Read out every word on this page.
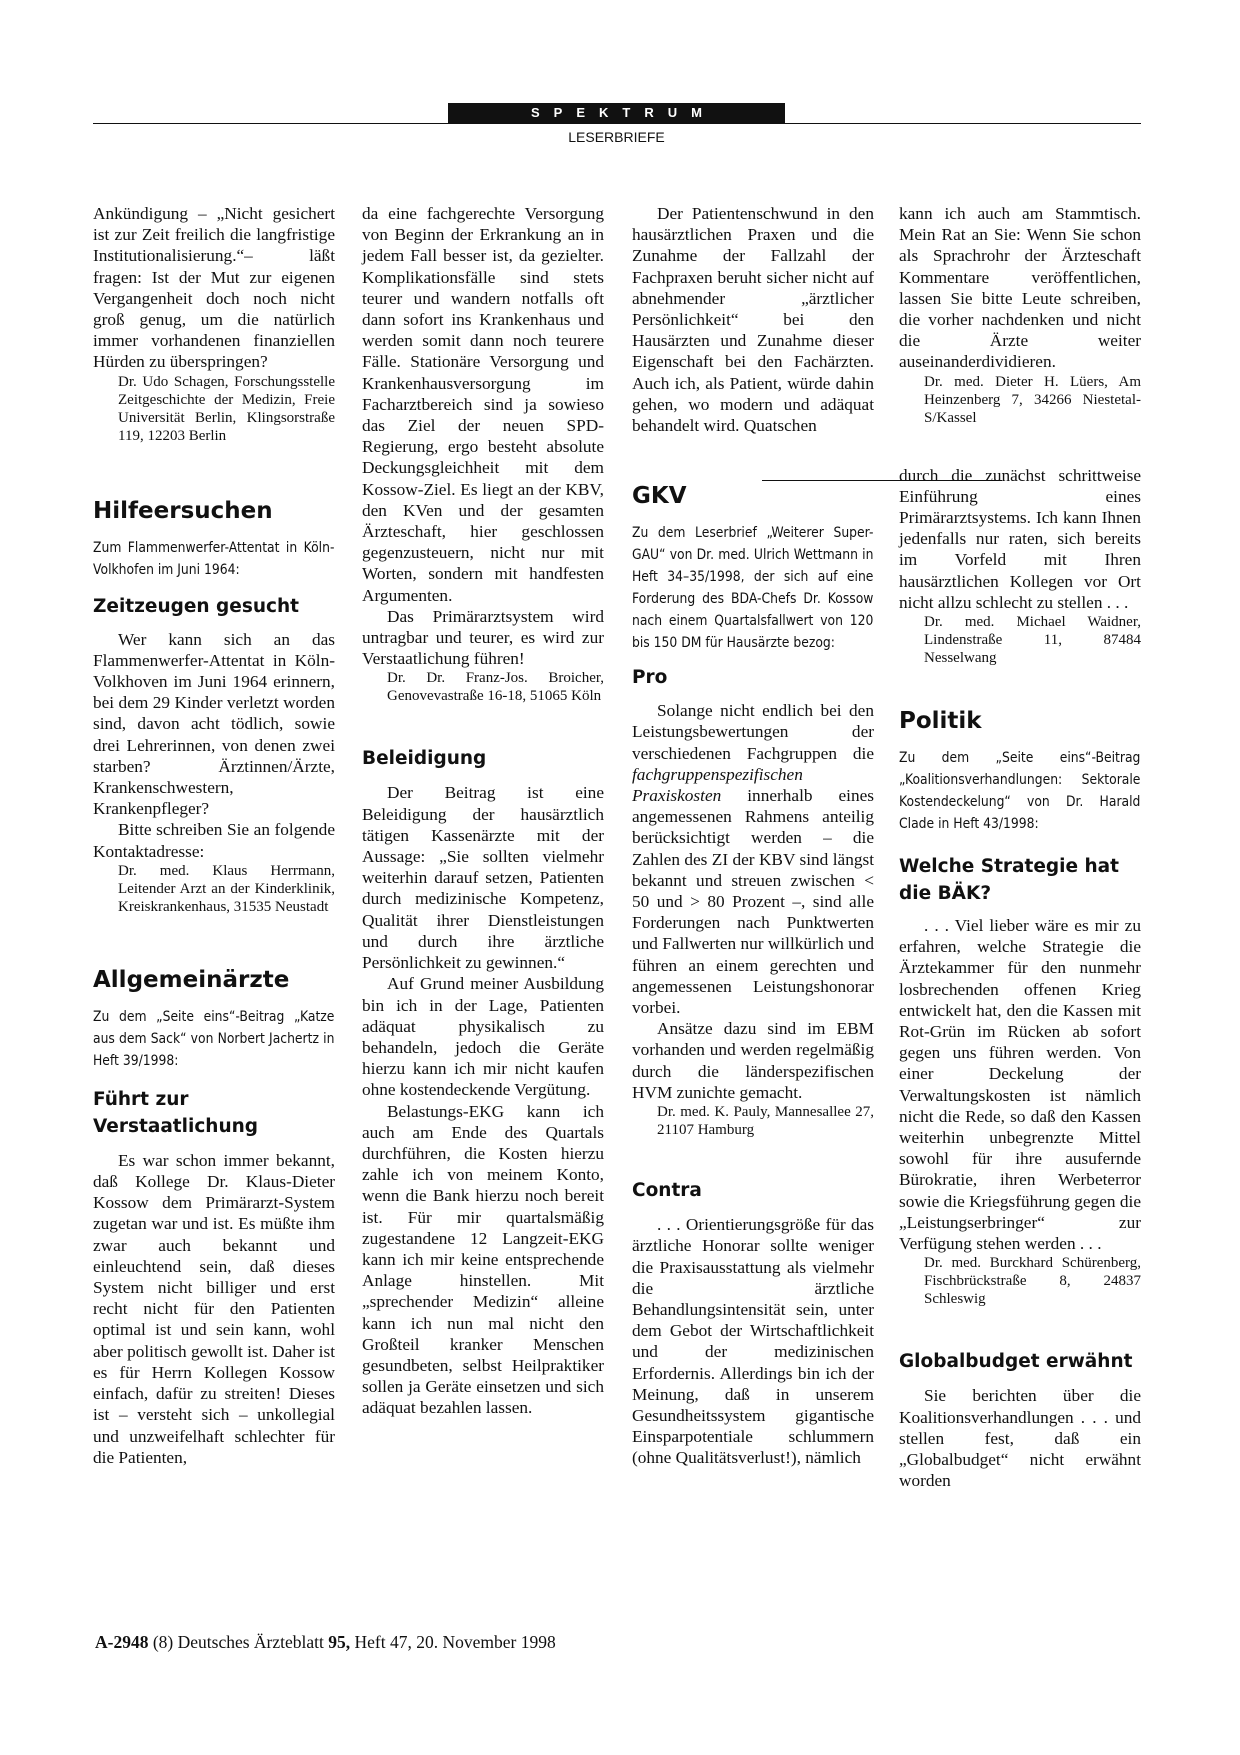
SPEKTRUM
LESERBRIEFE

Ankündigung – „Nicht gesichert ist zur Zeit freilich die langfristige Institutionalisierung.“– läßt fragen: Ist der Mut zur eigenen Vergangenheit doch noch nicht groß genug, um die natürlich immer vorhandenen finanziellen Hürden zu überspringen?

Dr. Udo Schagen, Forschungsstelle Zeitgeschichte der Medizin, Freie Universität Berlin, Klingsorstraße 119, 12203 Berlin

Hilfeersuchen

Zum Flammenwerfer-Attentat in Köln-Volkhofen im Juni 1964:

Zeitzeugen gesucht

Wer kann sich an das Flammenwerfer-Attentat in Köln-Volkhoven im Juni 1964 erinnern, bei dem 29 Kinder verletzt worden sind, davon acht tödlich, sowie drei Lehrerinnen, von denen zwei starben? Ärztinnen/Ärzte, Krankenschwestern, Krankenpfleger?

Bitte schreiben Sie an folgende Kontaktadresse:

Dr. med. Klaus Herrmann, Leitender Arzt an der Kinderklinik, Kreiskrankenhaus, 31535 Neustadt

Allgemeinärzte

Zu dem „Seite eins“-Beitrag „Katze aus dem Sack“ von Norbert Jachertz in Heft 39/1998:

Führt zur Verstaatlichung

Es war schon immer bekannt, daß Kollege Dr. Klaus-Dieter Kossow dem Primärarzt-System zugetan war und ist. Es müßte ihm zwar auch bekannt und einleuchtend sein, daß dieses System nicht billiger und erst recht nicht für den Patienten optimal ist und sein kann, wohl aber politisch gewollt ist. Daher ist es für Herrn Kollegen Kossow einfach, dafür zu streiten! Dieses ist – versteht sich – unkollegial und unzweifelhaft schlechter für die Patienten,

da eine fachgerechte Versorgung von Beginn der Erkrankung an in jedem Fall besser ist, da gezielter. Komplikationsfälle sind stets teurer und wandern notfalls oft dann sofort ins Krankenhaus und werden somit dann noch teurere Fälle. Stationäre Versorgung und Krankenhausversorgung im Facharztbereich sind ja sowieso das Ziel der neuen SPD-Regierung, ergo besteht absolute Deckungsgleichheit mit dem Kossow-Ziel. Es liegt an der KBV, den KVen und der gesamten Ärzteschaft, hier geschlossen gegenzusteuern, nicht nur mit Worten, sondern mit handfesten Argumenten.

Das Primärarztsystem wird untragbar und teurer, es wird zur Verstaatlichung führen!

Dr. Dr. Franz-Jos. Broicher, Genovevastraße 16-18, 51065 Köln

Beleidigung

Der Beitrag ist eine Beleidigung der hausärztlich tätigen Kassenärzte mit der Aussage: „Sie sollten vielmehr weiterhin darauf setzen, Patienten durch medizinische Kompetenz, Qualität ihrer Dienstleistungen und durch ihre ärztliche Persönlichkeit zu gewinnen.“

Auf Grund meiner Ausbildung bin ich in der Lage, Patienten adäquat physikalisch zu behandeln, jedoch die Geräte hierzu kann ich mir nicht kaufen ohne kostendeckende Vergütung.

Belastungs-EKG kann ich auch am Ende des Quartals durchführen, die Kosten hierzu zahle ich von meinem Konto, wenn die Bank hierzu noch bereit ist. Für mir quartalsmäßig zugestandene 12 Langzeit-EKG kann ich mir keine entsprechende Anlage hinstellen. Mit „sprechender Medizin“ alleine kann ich nun mal nicht den Großteil kranker Menschen gesundbeten, selbst Heilpraktiker sollen ja Geräte einsetzen und sich adäquat bezahlen lassen.

Der Patientenschwund in den hausärztlichen Praxen und die Zunahme der Fallzahl der Fachpraxen beruht sicher nicht auf abnehmender „ärztlicher Persönlichkeit“ bei den Hausärzten und Zunahme dieser Eigenschaft bei den Fachärzten. Auch ich, als Patient, würde dahin gehen, wo modern und adäquat behandelt wird. Quatschen

GKV

Zu dem Leserbrief „Weiterer Super-GAU“ von Dr. med. Ulrich Wettmann in Heft 34–35/1998, der sich auf eine Forderung des BDA-Chefs Dr. Kossow nach einem Quartalsfallwert von 120 bis 150 DM für Hausärzte bezog:

Pro

Solange nicht endlich bei den Leistungsbewertungen der verschiedenen Fachgruppen die fachgruppenspezifischen Praxiskosten innerhalb eines angemessenen Rahmens anteilig berücksichtigt werden – die Zahlen des ZI der KBV sind längst bekannt und streuen zwischen < 50 und > 80 Prozent –, sind alle Forderungen nach Punktwerten und Fallwerten nur willkürlich und führen an einem gerechten und angemessenen Leistungshonorar vorbei.

Ansätze dazu sind im EBM vorhanden und werden regelmäßig durch die länderspezifischen HVM zunichte gemacht.

Dr. med. K. Pauly, Mannesallee 27, 21107 Hamburg

Contra

. . . Orientierungsgröße für das ärztliche Honorar sollte weniger die Praxisausstattung als vielmehr die ärztliche Behandlungsintensität sein, unter dem Gebot der Wirtschaftlichkeit und der medizinischen Erfordernis. Allerdings bin ich der Meinung, daß in unserem Gesundheitssystem gigantische Einsparpotentiale schlummern (ohne Qualitätsverlust!), nämlich

kann ich auch am Stammtisch. Mein Rat an Sie: Wenn Sie schon als Sprachrohr der Ärzteschaft Kommentare veröffentlichen, lassen Sie bitte Leute schreiben, die vorher nachdenken und nicht die Ärzte weiter auseinanderdividieren.

Dr. med. Dieter H. Lüers, Am Heinzenberg 7, 34266 Niestetal-S/Kassel

durch die zunächst schrittweise Einführung eines Primärarztsystems. Ich kann Ihnen jedenfalls nur raten, sich bereits im Vorfeld mit Ihren hausärztlichen Kollegen vor Ort nicht allzu schlecht zu stellen . . .

Dr. med. Michael Waidner, Lindenstraße 11, 87484 Nesselwang

Politik

Zu dem „Seite eins“-Beitrag „Koalitionsverhandlungen: Sektorale Kostendeckelung“ von Dr. Harald Clade in Heft 43/1998:

Welche Strategie hat die BÄK?

. . . Viel lieber wäre es mir zu erfahren, welche Strategie die Ärztekammer für den nunmehr losbrechenden offenen Krieg entwickelt hat, den die Kassen mit Rot-Grün im Rücken ab sofort gegen uns führen werden. Von einer Deckelung der Verwaltungskosten ist nämlich nicht die Rede, so daß den Kassen weiterhin unbegrenzte Mittel sowohl für ihre ausufernde Bürokratie, ihren Werbeterror sowie die Kriegsführung gegen die „Leistungserbringer“ zur Verfügung stehen werden . . .

Dr. med. Burckhard Schürenberg, Fischbrückstraße 8, 24837 Schleswig

Globalbudget erwähnt

Sie berichten über die Koalitionsverhandlungen . . . und stellen fest, daß ein „Globalbudget“ nicht erwähnt worden

A-2948 (8) Deutsches Ärzteblatt 95, Heft 47, 20. November 1998
